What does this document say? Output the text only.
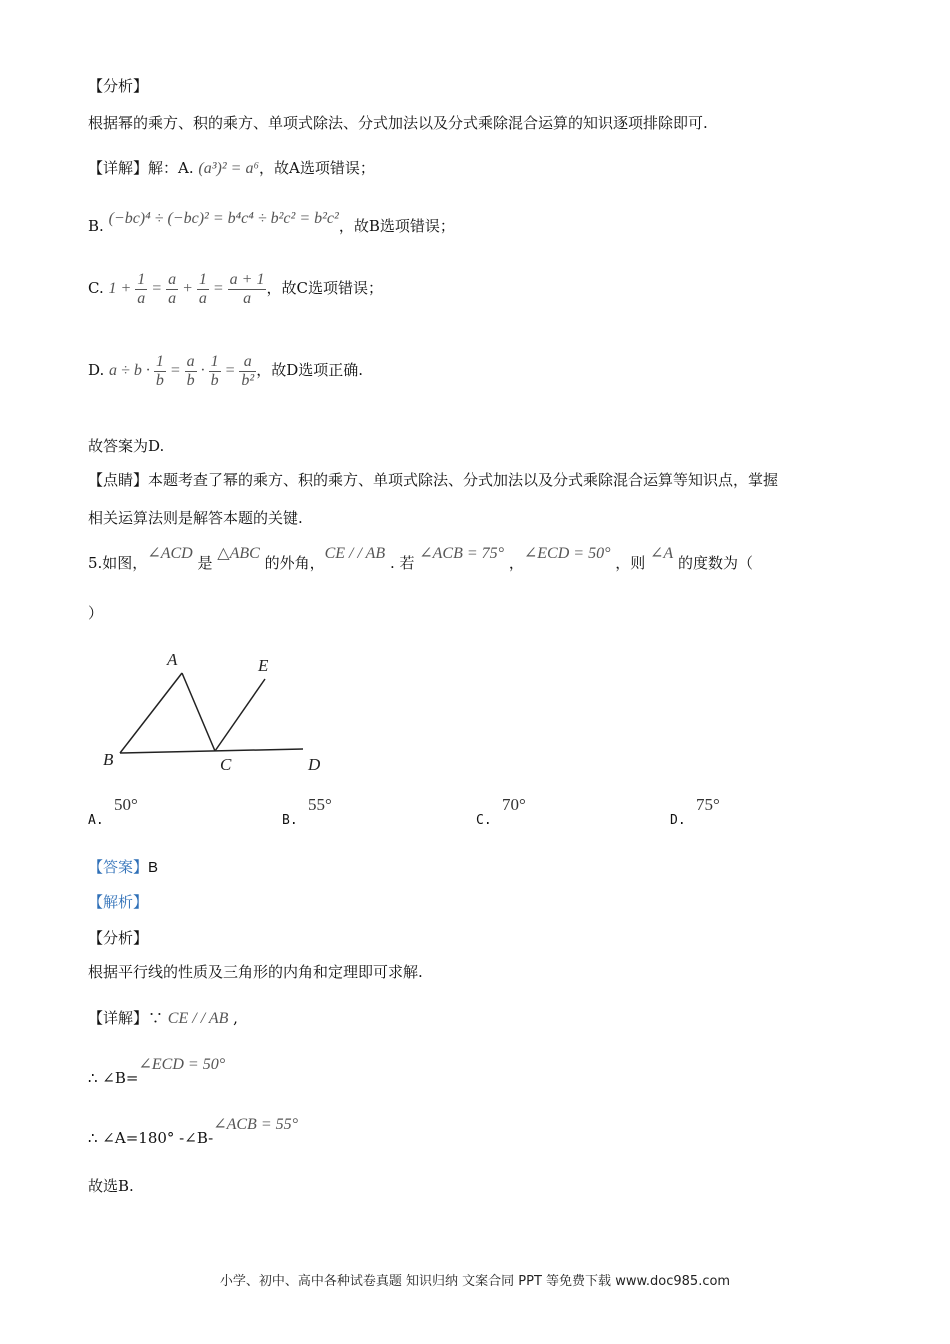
【分析】
根据幂的乘方、积的乘方、单项式除法、分式加法以及分式乘除混合运算的知识逐项排除即可.
【详解】解：A. (a³)² = a⁶，故A选项错误；
B. (−bc)⁴ ÷ (−bc)² = b⁴c⁴ ÷ b²c² = b²c²，故B选项错误；
C. $1 + \frac{1}{a} = \frac{a}{a} + \frac{1}{a} = \frac{a + 1}{a}$ ，故C选项错误；
D. $a \div b \cdot \frac{1}{b} = \frac{a}{b} \cdot \frac{1}{b} = \frac{a}{\text{b²}}$ ，故D选项正确.
故答案为D.
【点睛】本题考查了幂的乘方、积的乘方、单项式除法、分式加法以及分式乘除混合运算等知识点，掌握
相关运算法则是解答本题的关键.
5.如图，∠ACD 是 △ABC 的外角，CE / / AB . 若 ∠ACB = 75° ，∠ECD = 50° ，则 ∠A 的度数为（
）
A
B	C	D
E
A.
50°
B.
55°
C.
70°
D.
75°
【答案】B
【解析】
【分析】
根据平行线的性质及三角形的内角和定理即可求解.
【详解】∵ CE / / AB ,
∴ ∠B=∠ECD = 50°
∴ ∠A=180° -∠B-∠ACB = 55°
故选B.
小学、初中、高中各种试卷真题 知识归纳 文案合同 PPT 等免费下载 www.doc985.com
